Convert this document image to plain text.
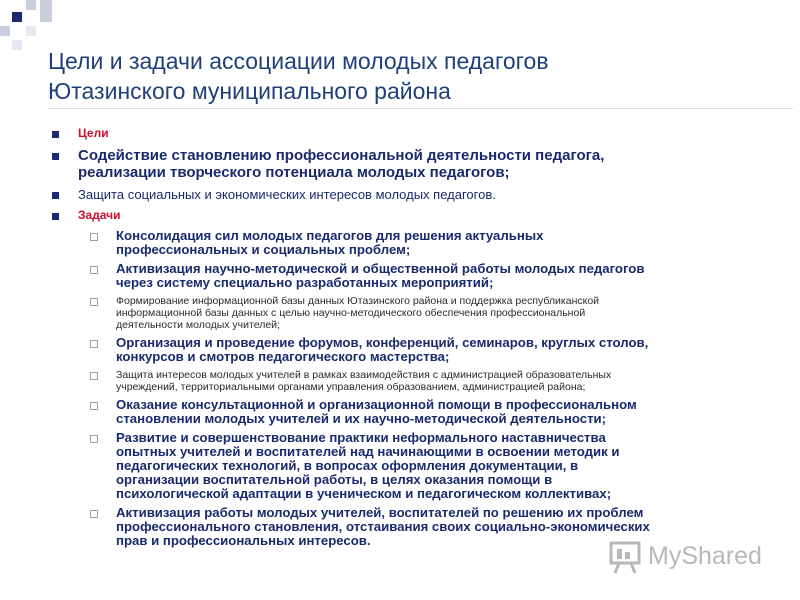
Цели и задачи ассоциации молодых педагогов
Ютазинского муниципального района
Цели
Содействие становлению профессиональной деятельности педагога,
реализации творческого потенциала молодых педагогов;
Защита социальных и экономических интересов молодых педагогов.
Задачи
Консолидация сил молодых педагогов для решения актуальных
профессиональных и социальных проблем;
Активизация научно-методической и общественной работы молодых педагогов
через систему специально разработанных мероприятий;
Формирование информационной базы данных Ютазинского района и поддержка республиканской
информационной базы данных с целью научно-методического обеспечения профессиональной
деятельности молодых учителей;
Организация и проведение форумов, конференций, семинаров, круглых столов,
конкурсов и смотров педагогического мастерства;
Защита интересов молодых учителей в рамках взаимодействия с администрацией образовательных
учреждений, территориальными органами управления образованием, администрацией района;
Оказание консультационной и организационной помощи в профессиональном
становлении молодых учителей и их научно-методической деятельности;
Развитие и совершенствование практики неформального наставничества
опытных учителей и воспитателей над начинающими в освоении методик и
педагогических технологий, в вопросах оформления документации, в
организации воспитательной работы, в целях оказания помощи в
психологической адаптации в ученическом и педагогическом коллективах;
Активизация работы молодых учителей, воспитателей по решению их проблем
профессионального становления, отстаивания своих социально-экономических
прав и профессиональных интересов.
MyShared
